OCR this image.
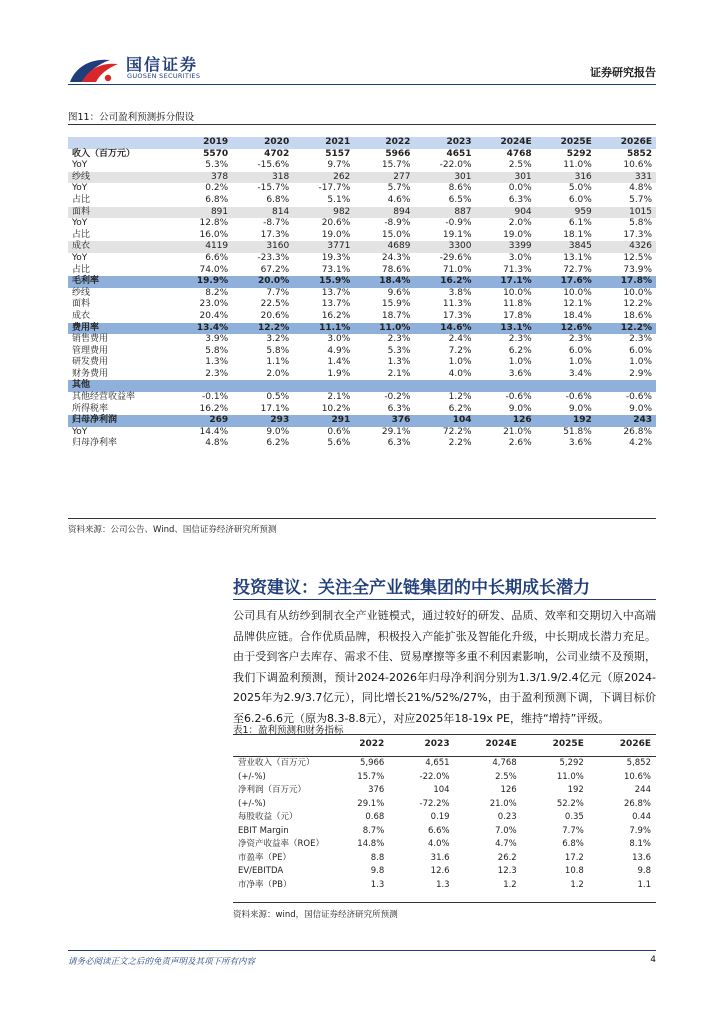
国信证券
GUOSEN SECURITIES	证券研究报告
图11：公司盈利预测拆分假设
	2019	2020	2021	2022	2023	2024E	2025E	2026E
收入（百万元）	5570	4702	5157	5966	4651	4768	5292	5852
YoY	5.3%	-15.6%	9.7%	15.7%	-22.0%	2.5%	11.0%	10.6%
纱线	378	318	262	277	301	301	316	331
YoY	0.2%	-15.7%	-17.7%	5.7%	8.6%	0.0%	5.0%	4.8%
占比	6.8%	6.8%	5.1%	4.6%	6.5%	6.3%	6.0%	5.7%
面料	891	814	982	894	887	904	959	1015
YoY	12.8%	-8.7%	20.6%	-8.9%	-0.9%	2.0%	6.1%	5.8%
占比	16.0%	17.3%	19.0%	15.0%	19.1%	19.0%	18.1%	17.3%
成衣	4119	3160	3771	4689	3300	3399	3845	4326
YoY	6.6%	-23.3%	19.3%	24.3%	-29.6%	3.0%	13.1%	12.5%
占比	74.0%	67.2%	73.1%	78.6%	71.0%	71.3%	72.7%	73.9%
毛利率	19.9%	20.0%	15.9%	18.4%	16.2%	17.1%	17.6%	17.8%
纱线	8.2%	7.7%	13.7%	9.6%	3.8%	10.0%	10.0%	10.0%
面料	23.0%	22.5%	13.7%	15.9%	11.3%	11.8%	12.1%	12.2%
成衣	20.4%	20.6%	16.2%	18.7%	17.3%	17.8%	18.4%	18.6%
费用率	13.4%	12.2%	11.1%	11.0%	14.6%	13.1%	12.6%	12.2%
销售费用	3.9%	3.2%	3.0%	2.3%	2.4%	2.3%	2.3%	2.3%
管理费用	5.8%	5.8%	4.9%	5.3%	7.2%	6.2%	6.0%	6.0%
研发费用	1.3%	1.1%	1.4%	1.3%	1.0%	1.0%	1.0%	1.0%
财务费用	2.3%	2.0%	1.9%	2.1%	4.0%	3.6%	3.4%	2.9%
其他								
其他经营收益率	-0.1%	0.5%	2.1%	-0.2%	1.2%	-0.6%	-0.6%	-0.6%
所得税率	16.2%	17.1%	10.2%	6.3%	6.2%	9.0%	9.0%	9.0%
归母净利润	269	293	291	376	104	126	192	243
YoY	14.4%	9.0%	0.6%	29.1%	72.2%	21.0%	51.8%	26.8%
归母净利率	4.8%	6.2%	5.6%	6.3%	2.2%	2.6%	3.6%	4.2%
资料来源：公司公告、Wind、国信证券经济研究所预测
投资建议：关注全产业链集团的中长期成长潜力
公司具有从纺纱到制衣全产业链模式，通过较好的研发、品质、效率和交期切入中高端品牌供应链。合作优质品牌，积极投入产能扩张及智能化升级，中长期成长潜力充足。由于受到客户去库存、需求不佳、贸易摩擦等多重不利因素影响，公司业绩不及预期，我们下调盈利预测，预计2024-2026年归母净利润分别为1.3/1.9/2.4亿元（原2024-2025年为2.9/3.7亿元），同比增长21%/52%/27%，由于盈利预测下调，下调目标价至6.2-6.6元（原为8.3-8.8元），对应2025年18-19x PE，维持“增持”评级。
表1：盈利预测和财务指标
	2022	2023	2024E	2025E	2026E
营业收入（百万元）	5,966	4,651	4,768	5,292	5,852
(+/-%)	15.7%	-22.0%	2.5%	11.0%	10.6%
净利润（百万元）	376	104	126	192	244
(+/-%)	29.1%	-72.2%	21.0%	52.2%	26.8%
每股收益（元）	0.68	0.19	0.23	0.35	0.44
EBIT Margin	8.7%	6.6%	7.0%	7.7%	7.9%
净资产收益率（ROE）	14.8%	4.0%	4.7%	6.8%	8.1%
市盈率（PE）	8.8	31.6	26.2	17.2	13.6
EV/EBITDA	9.8	12.6	12.3	10.8	9.8
市净率（PB）	1.3	1.3	1.2	1.2	1.1
资料来源：wind，国信证券经济研究所预测
请务必阅读正文之后的免责声明及其项下所有内容	4
